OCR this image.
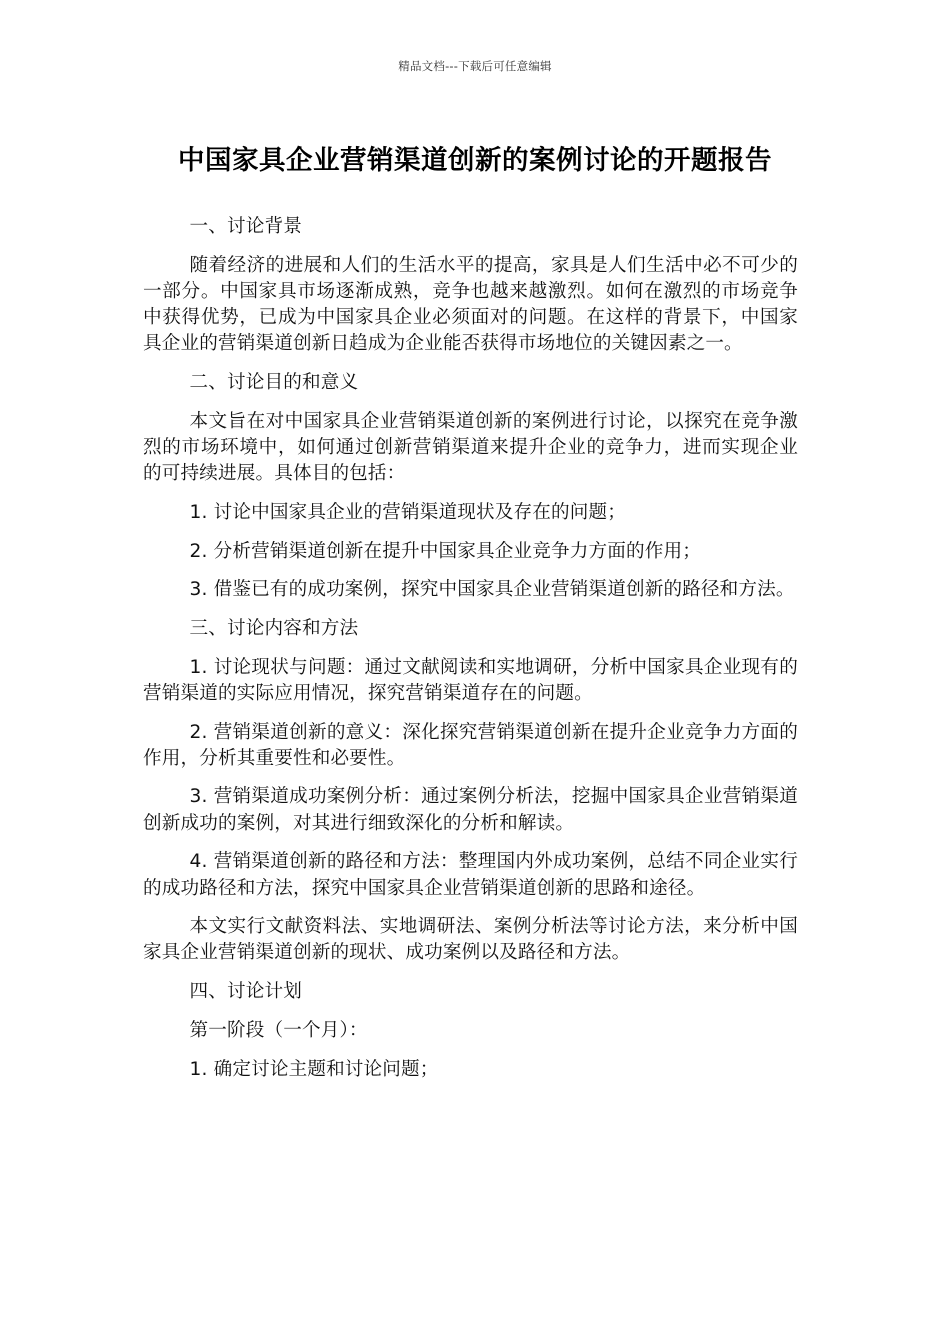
精品文档---下载后可任意编辑
中国家具企业营销渠道创新的案例讨论的开题报告

一、讨论背景

随着经济的进展和人们的生活水平的提高，家具是人们生活中必不可少的一部分。中国家具市场逐渐成熟，竞争也越来越激烈。如何在激烈的市场竞争中获得优势，已成为中国家具企业必须面对的问题。在这样的背景下，中国家具企业的营销渠道创新日趋成为企业能否获得市场地位的关键因素之一。

二、讨论目的和意义

本文旨在对中国家具企业营销渠道创新的案例进行讨论，以探究在竞争激烈的市场环境中，如何通过创新营销渠道来提升企业的竞争力，进而实现企业的可持续进展。具体目的包括：

1. 讨论中国家具企业的营销渠道现状及存在的问题；

2. 分析营销渠道创新在提升中国家具企业竞争力方面的作用；

3. 借鉴已有的成功案例，探究中国家具企业营销渠道创新的路径和方法。

三、讨论内容和方法

1. 讨论现状与问题：通过文献阅读和实地调研，分析中国家具企业现有的营销渠道的实际应用情况，探究营销渠道存在的问题。

2. 营销渠道创新的意义：深化探究营销渠道创新在提升企业竞争力方面的作用，分析其重要性和必要性。

3. 营销渠道成功案例分析：通过案例分析法，挖掘中国家具企业营销渠道创新成功的案例，对其进行细致深化的分析和解读。

4. 营销渠道创新的路径和方法：整理国内外成功案例，总结不同企业实行的成功路径和方法，探究中国家具企业营销渠道创新的思路和途径。

本文实行文献资料法、实地调研法、案例分析法等讨论方法，来分析中国家具企业营销渠道创新的现状、成功案例以及路径和方法。

四、讨论计划

第一阶段（一个月）：

1. 确定讨论主题和讨论问题；
